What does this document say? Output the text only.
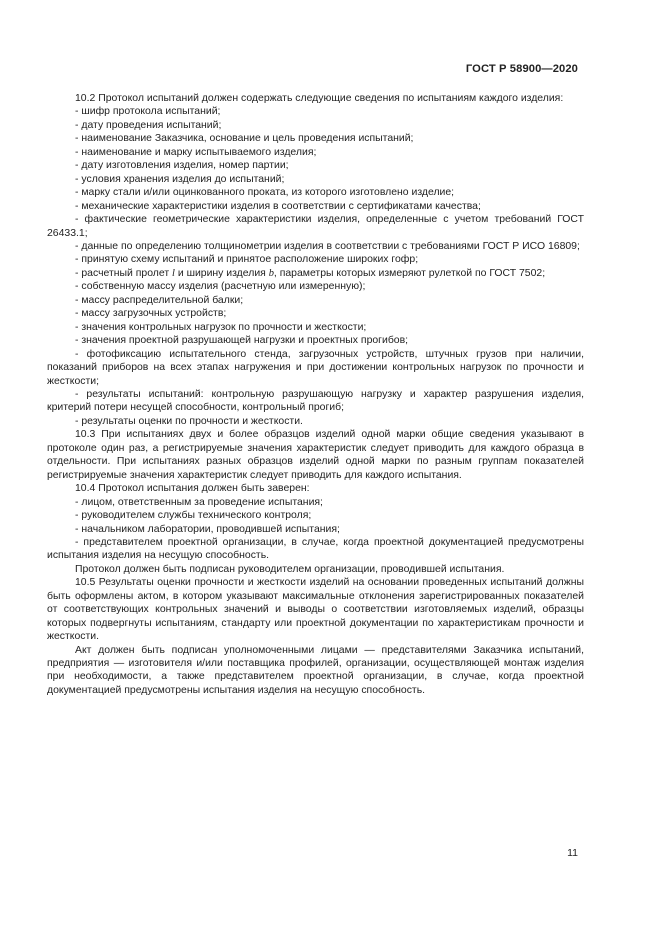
ГОСТ Р 58900—2020

10.2 Протокол испытаний должен содержать следующие сведения по испытаниям каждого изделия:

- шифр протокола испытаний;

- дату проведения испытаний;

- наименование Заказчика, основание и цель проведения испытаний;

- наименование и марку испытываемого изделия;

- дату изготовления изделия, номер партии;

- условия хранения изделия до испытаний;

- марку стали и/или оцинкованного проката, из которого изготовлено изделие;

- механические характеристики изделия в соответствии с сертификатами качества;

- фактические геометрические характеристики изделия, определенные с учетом требований ГОСТ 26433.1;

- данные по определению толщинометрии изделия в соответствии с требованиями ГОСТ Р ИСО 16809;

- принятую схему испытаний и принятое расположение широких гофр;

- расчетный пролет l и ширину изделия b, параметры которых измеряют рулеткой по ГОСТ 7502;

- собственную массу изделия (расчетную или измеренную);

- массу распределительной балки;

- массу загрузочных устройств;

- значения контрольных нагрузок по прочности и жесткости;

- значения проектной разрушающей нагрузки и проектных прогибов;

- фотофиксацию испытательного стенда, загрузочных устройств, штучных грузов при наличии, показаний приборов на всех этапах нагружения и при достижении контрольных нагрузок по прочности и жесткости;

- результаты испытаний: контрольную разрушающую нагрузку и характер разрушения изделия, критерий потери несущей способности, контрольный прогиб;

- результаты оценки по прочности и жесткости.

10.3 При испытаниях двух и более образцов изделий одной марки общие сведения указывают в протоколе один раз, а регистрируемые значения характеристик следует приводить для каждого образца в отдельности. При испытаниях разных образцов изделий одной марки по разным группам показателей регистрируемые значения характеристик следует приводить для каждого испытания.

10.4 Протокол испытания должен быть заверен:

- лицом, ответственным за проведение испытания;

- руководителем службы технического контроля;

- начальником лаборатории, проводившей испытания;

- представителем проектной организации, в случае, когда проектной документацией предусмотрены испытания изделия на несущую способность.

Протокол должен быть подписан руководителем организации, проводившей испытания.

10.5 Результаты оценки прочности и жесткости изделий на основании проведенных испытаний должны быть оформлены актом, в котором указывают максимальные отклонения зарегистрированных показателей от соответствующих контрольных значений и выводы о соответствии изготовляемых изделий, образцы которых подвергнуты испытаниям, стандарту или проектной документации по характеристикам прочности и жесткости.

Акт должен быть подписан уполномоченными лицами — представителями Заказчика испытаний, предприятия — изготовителя и/или поставщика профилей, организации, осуществляющей монтаж изделия при необходимости, а также представителем проектной организации, в случае, когда проектной документацией предусмотрены испытания изделия на несущую способность.

11
